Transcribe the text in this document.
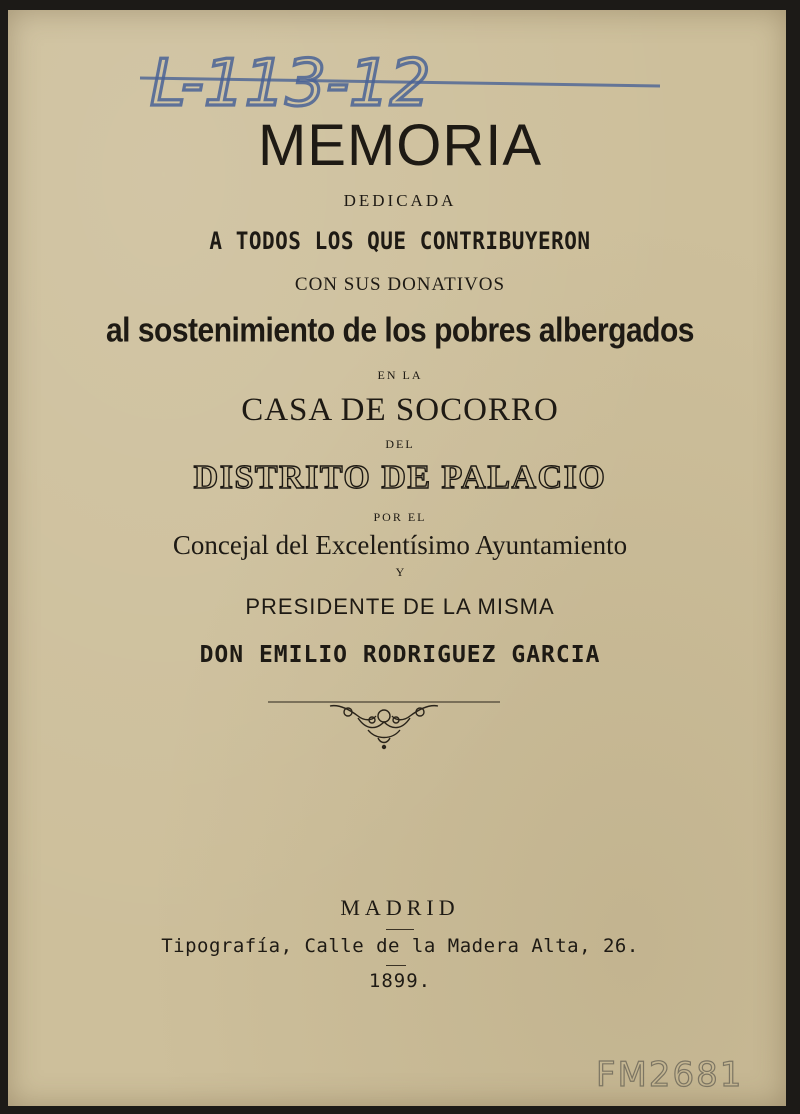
L-113-12
MEMORIA
DEDICADA
A TODOS LOS QUE CONTRIBUYERON
CON SUS DONATIVOS
al sostenimiento de los pobres albergados
EN LA
CASA DE SOCORRO
DEL
DISTRITO DE PALACIO
POR EL
Concejal del Excelentísimo Ayuntamiento
Y
PRESIDENTE DE LA MISMA
DON EMILIO RODRIGUEZ GARCIA
MADRID
Tipografía, Calle de la Madera Alta, 26.
1899.
FM2681
